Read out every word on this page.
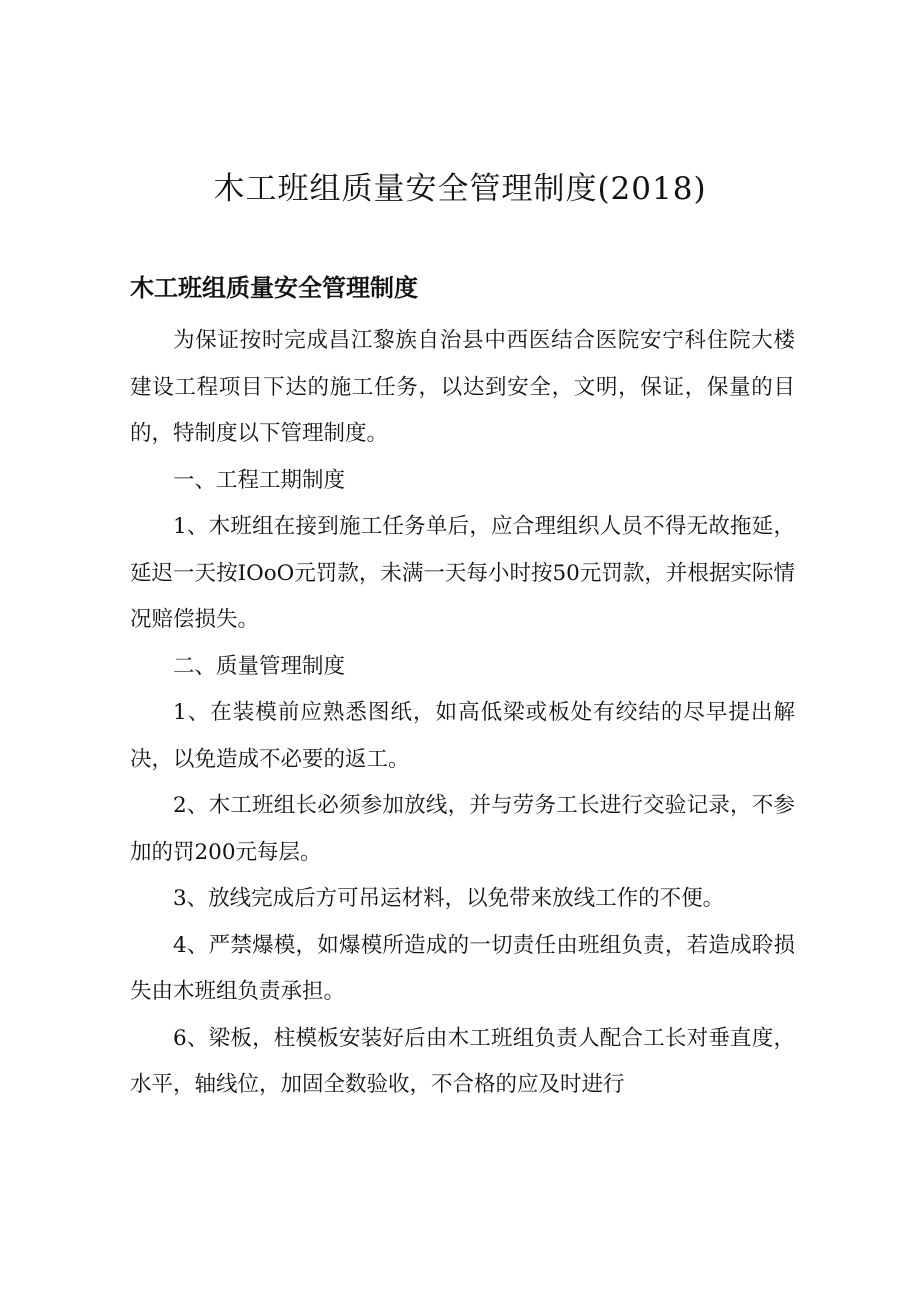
木工班组质量安全管理制度(2018)
木工班组质量安全管理制度

为保证按时完成昌江黎族自治县中西医结合医院安宁科住院大楼建设工程项目下达的施工任务，以达到安全，文明，保证，保量的目的，特制度以下管理制度。

一、工程工期制度

1、木班组在接到施工任务单后，应合理组织人员不得无故拖延，延迟一天按IOoO元罚款，未满一天每小时按50元罚款，并根据实际情况赔偿损失。

二、质量管理制度

1、在装模前应熟悉图纸，如高低梁或板处有绞结的尽早提出解决，以免造成不必要的返工。

2、木工班组长必须参加放线，并与劳务工长进行交验记录，不参加的罚200元每层。

3、放线完成后方可吊运材料，以免带来放线工作的不便。

4、严禁爆模，如爆模所造成的一切责任由班组负责，若造成聆损失由木班组负责承担。

6、梁板，柱模板安装好后由木工班组负责人配合工长对垂直度，水平，轴线位，加固全数验收，不合格的应及时进行
